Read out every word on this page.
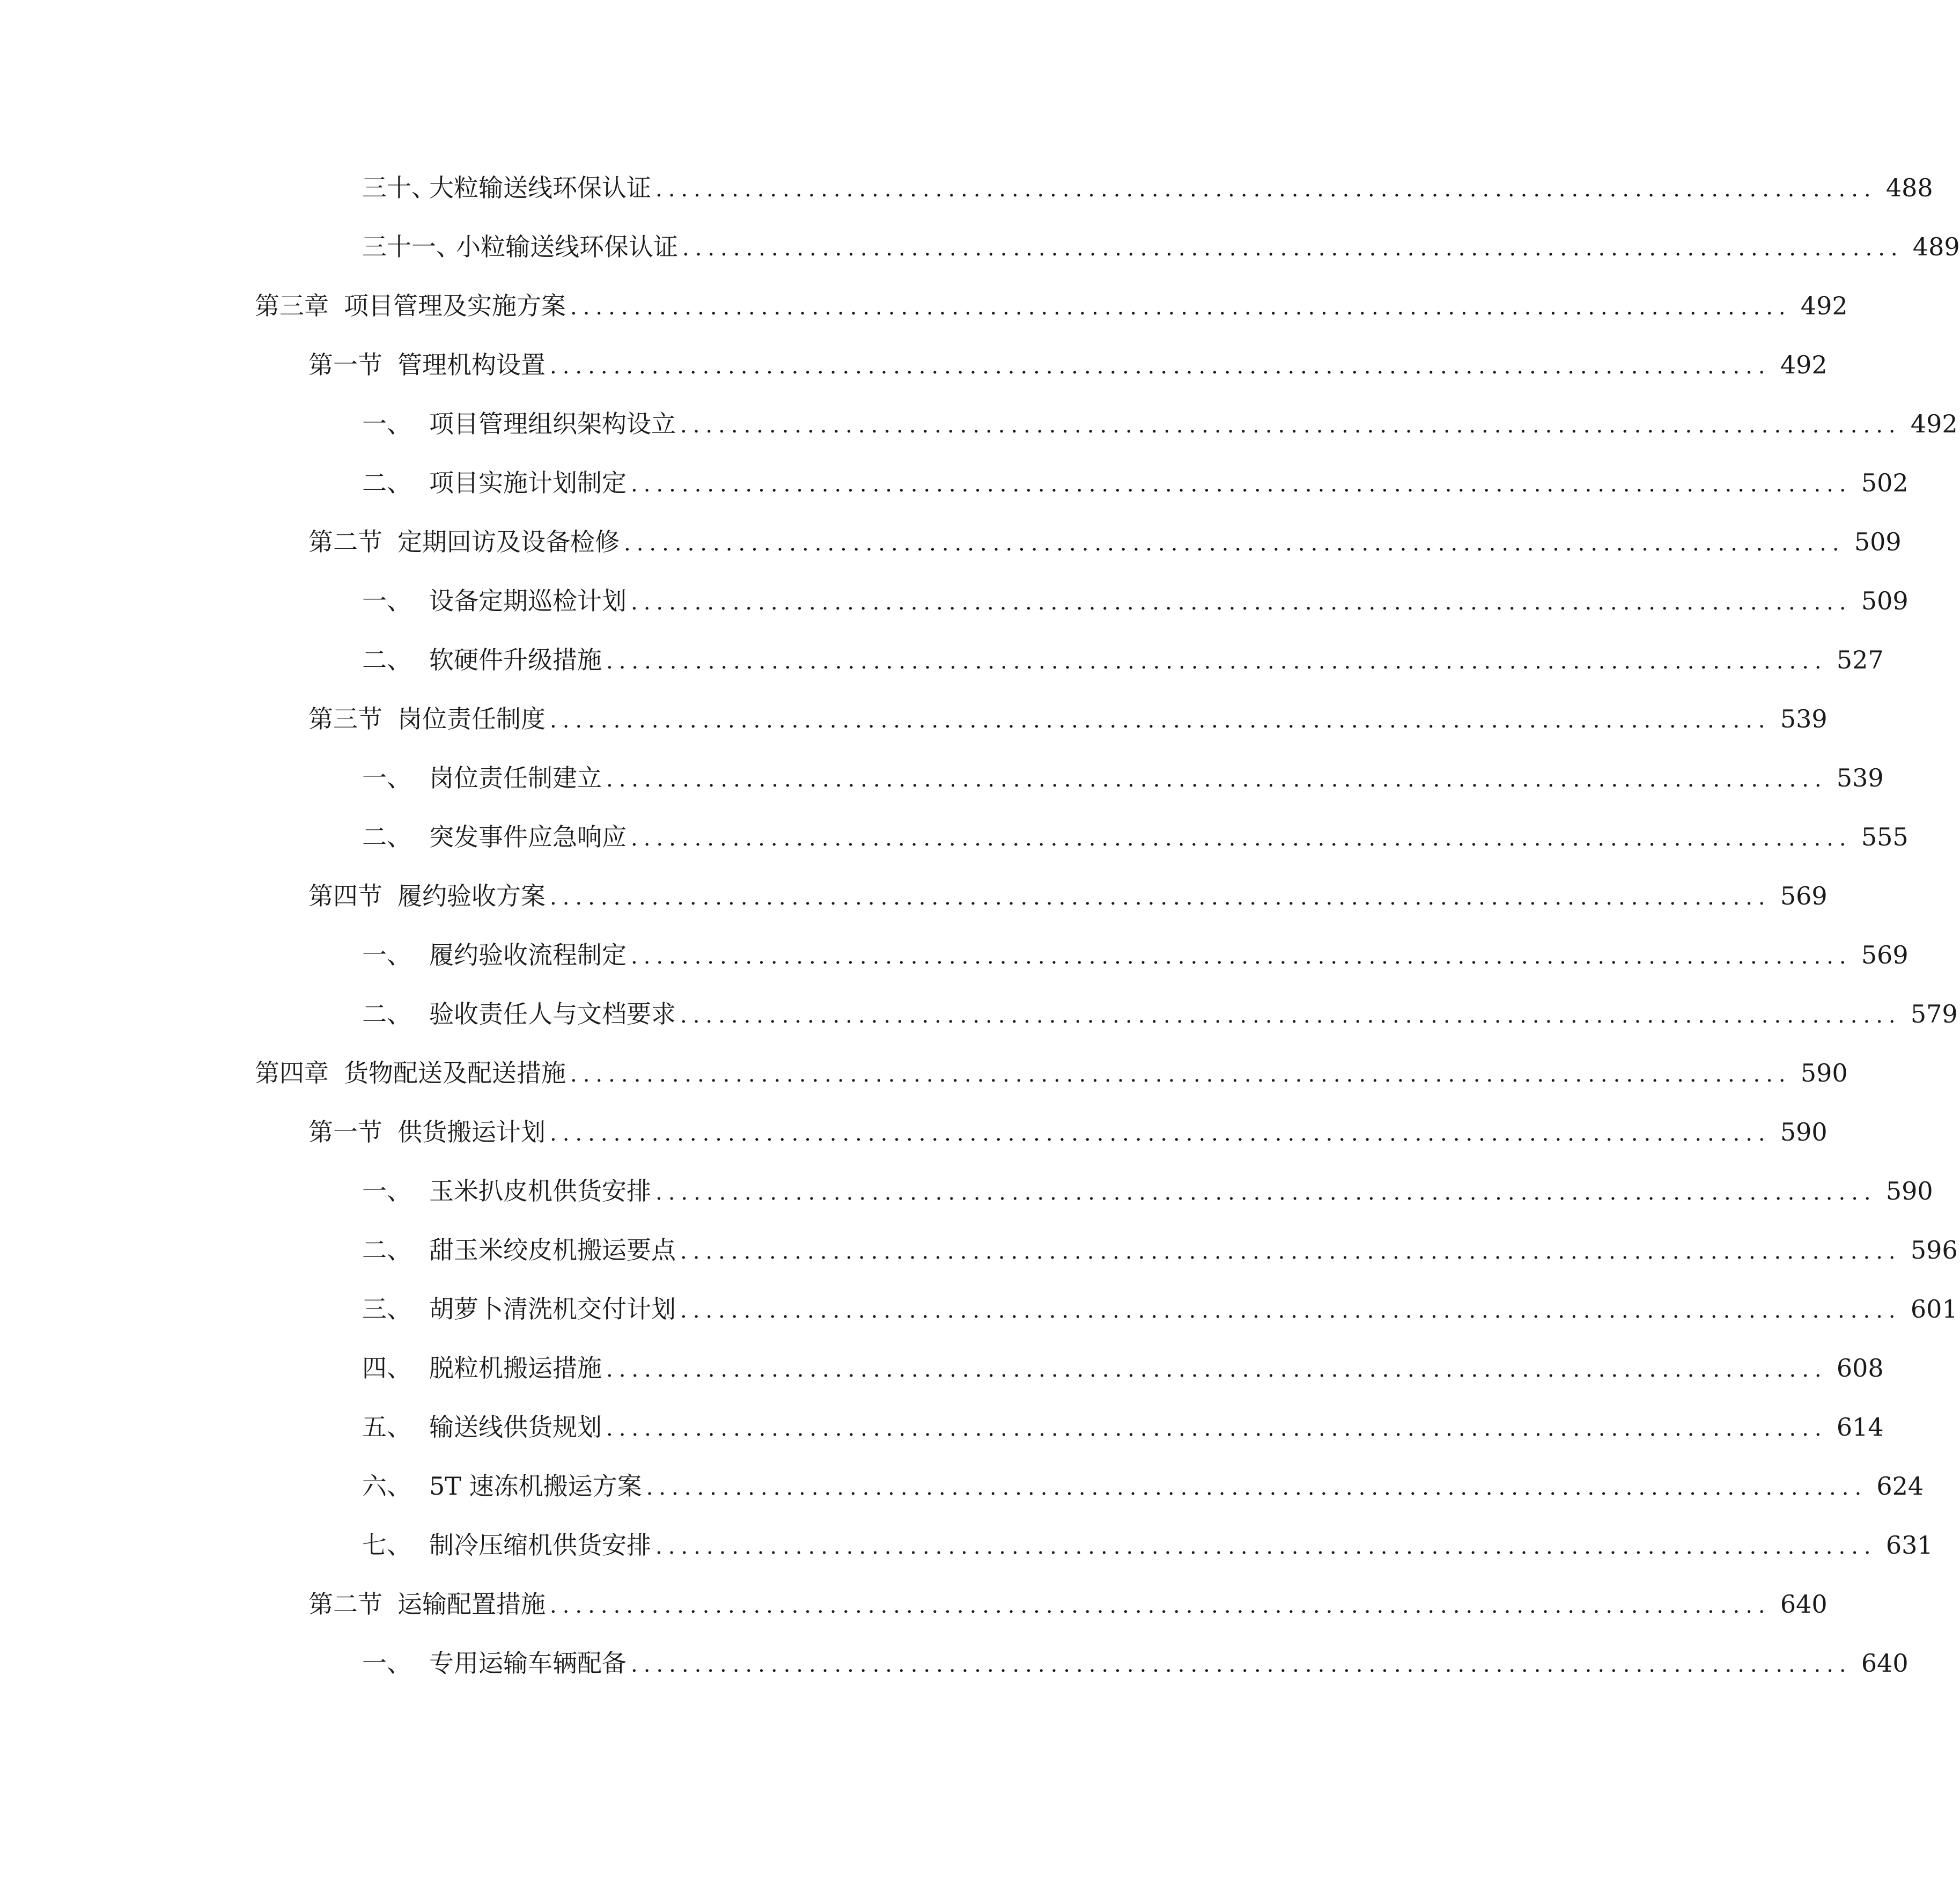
三十、
大粒输送线环保认证 ................................................................................................ 488
三十一、
小粒输送线环保认证 ................................................................................................ 489
第三章 项目管理及实施方案 ................................................................................................ 492
第一节 管理机构设置 ................................................................................................ 492
一、 项目管理组织架构设立 ................................................................................................ 492
二、 项目实施计划制定 ................................................................................................ 502
第二节 定期回访及设备检修 ................................................................................................ 509
一、 设备定期巡检计划 ................................................................................................ 509
二、 软硬件升级措施 ................................................................................................ 527
第三节 岗位责任制度 ................................................................................................ 539
一、 岗位责任制建立 ................................................................................................ 539
二、 突发事件应急响应 ................................................................................................ 555
第四节 履约验收方案 ................................................................................................ 569
一、 履约验收流程制定 ................................................................................................ 569
二、 验收责任人与文档要求 ................................................................................................ 579
第四章 货物配送及配送措施 ................................................................................................ 590
第一节 供货搬运计划 ................................................................................................ 590
一、 玉米扒皮机供货安排 ................................................................................................ 590
二、 甜玉米绞皮机搬运要点 ................................................................................................ 596
三、 胡萝卜清洗机交付计划 ................................................................................................ 601
四、 脱粒机搬运措施 ................................................................................................ 608
五、 输送线供货规划 ................................................................................................ 614
六、 5T 速冻机搬运方案 ................................................................................................ 624
七、 制冷压缩机供货安排 ................................................................................................ 631
第二节 运输配置措施 ................................................................................................ 640
一、 专用运输车辆配备 ................................................................................................ 640
